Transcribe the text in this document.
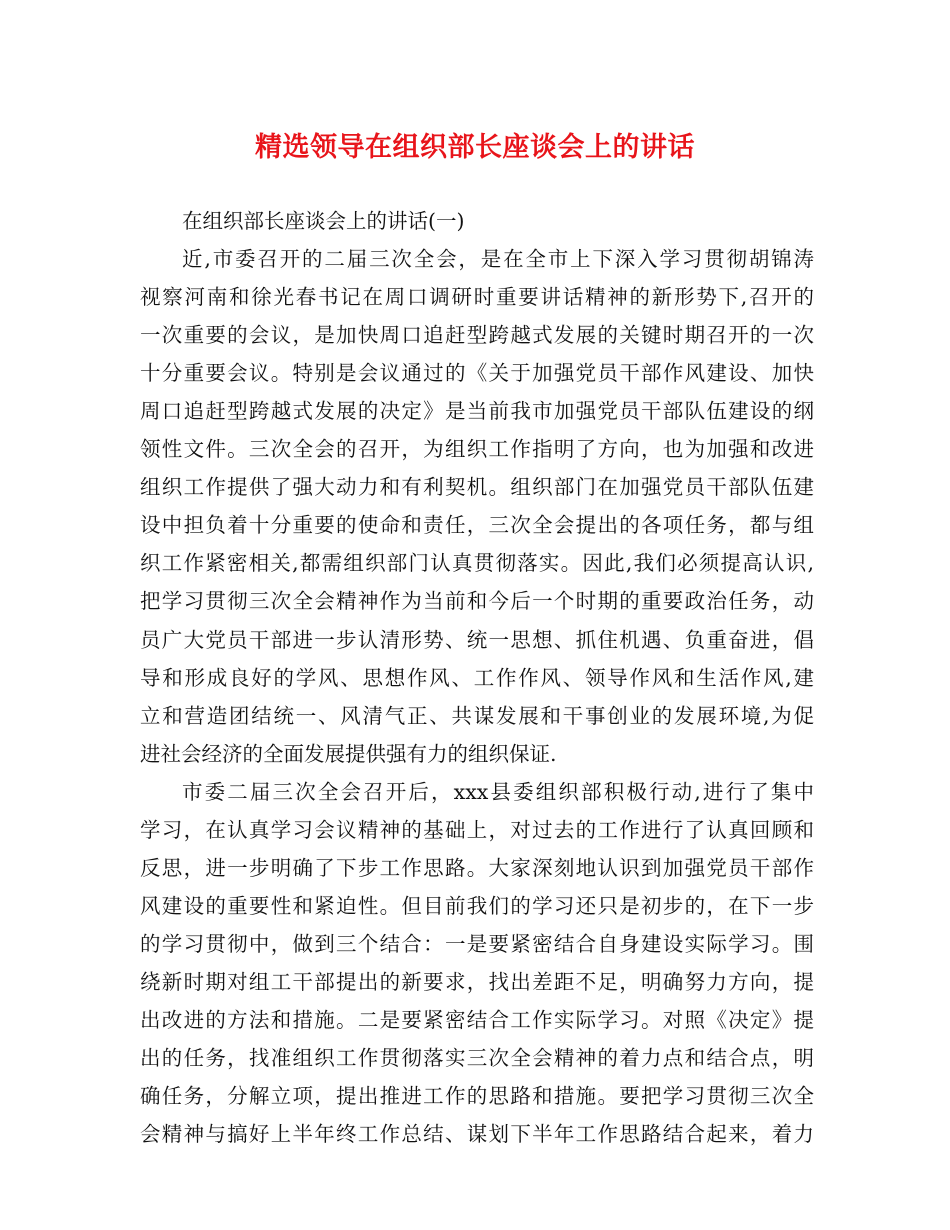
精选领导在组织部长座谈会上的讲话
在组织部长座谈会上的讲话(一)
近,市委召开的二届三次全会，是在全市上下深入学习贯彻胡锦涛
视察河南和徐光春书记在周口调研时重要讲话精神的新形势下,召开的
一次重要的会议，是加快周口追赶型跨越式发展的关键时期召开的一次
十分重要会议。特别是会议通过的《关于加强党员干部作风建设、加快
周口追赶型跨越式发展的决定》是当前我市加强党员干部队伍建设的纲
领性文件。三次全会的召开，为组织工作指明了方向，也为加强和改进
组织工作提供了强大动力和有利契机。组织部门在加强党员干部队伍建
设中担负着十分重要的使命和责任，三次全会提出的各项任务，都与组
织工作紧密相关,都需组织部门认真贯彻落实。因此,我们必须提高认识,
把学习贯彻三次全会精神作为当前和今后一个时期的重要政治任务，动
员广大党员干部进一步认清形势、统一思想、抓住机遇、负重奋进，倡
导和形成良好的学风、思想作风、工作作风、领导作风和生活作风,建
立和营造团结统一、风清气正、共谋发展和干事创业的发展环境,为促
进社会经济的全面发展提供强有力的组织保证.
市委二届三次全会召开后，xxx县委组织部积极行动,进行了集中
学习，在认真学习会议精神的基础上，对过去的工作进行了认真回顾和
反思，进一步明确了下步工作思路。大家深刻地认识到加强党员干部作
风建设的重要性和紧迫性。但目前我们的学习还只是初步的，在下一步
的学习贯彻中，做到三个结合：一是要紧密结合自身建设实际学习。围
绕新时期对组工干部提出的新要求，找出差距不足，明确努力方向，提
出改进的方法和措施。二是要紧密结合工作实际学习。对照《决定》提
出的任务，找准组织工作贯彻落实三次全会精神的着力点和结合点，明
确任务，分解立项，提出推进工作的思路和措施。要把学习贯彻三次全
会精神与搞好上半年终工作总结、谋划下半年工作思路结合起来，着力
